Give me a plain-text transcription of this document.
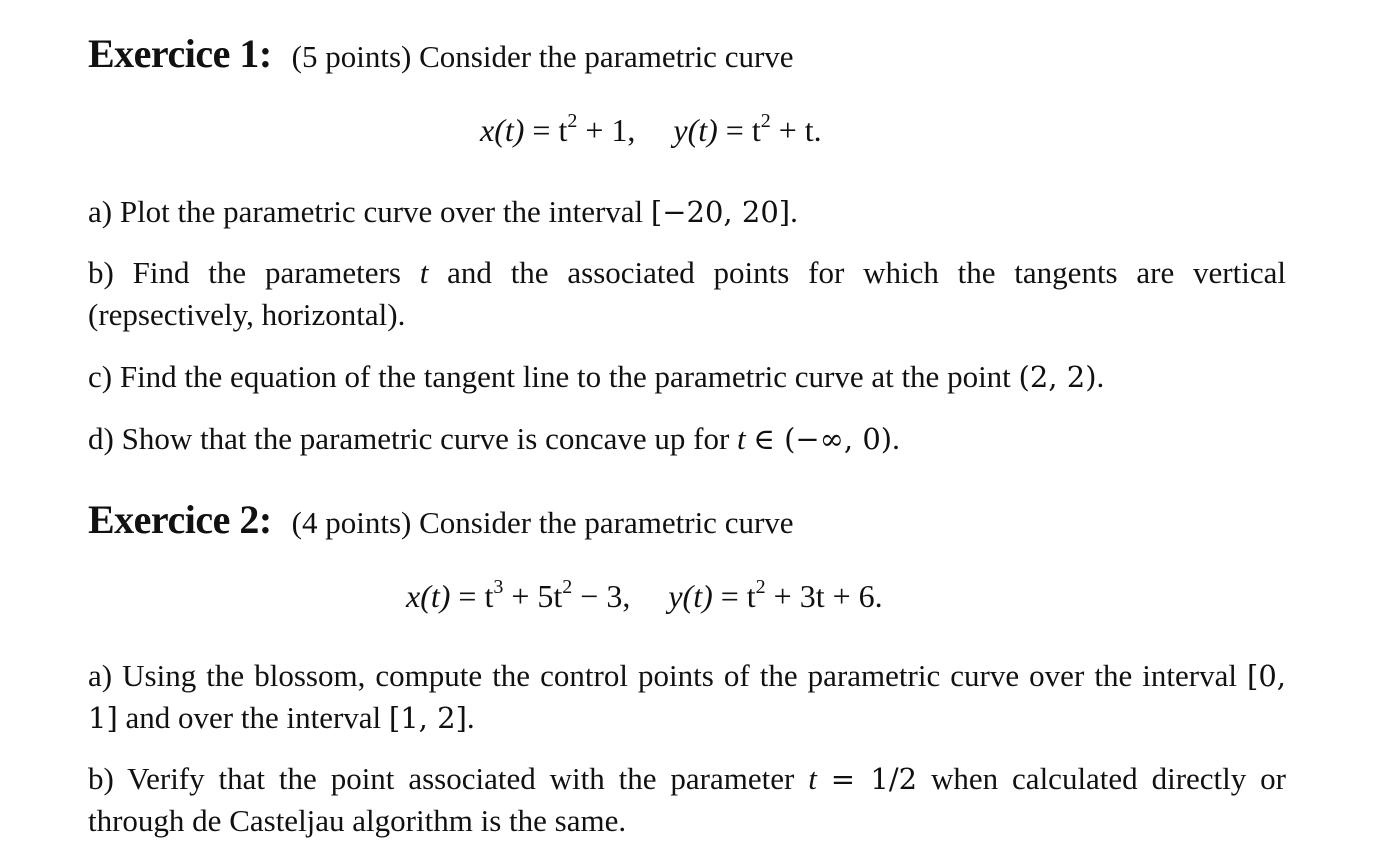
Exercice 1: (5 points) Consider the parametric curve
$x(t) = t^2 + 1$, $y(t) = t^2 + t$.
a) Plot the parametric curve over the interval [−20, 20].
b) Find the parameters t and the associated points for which the tangents are vertical (repsectively, horizontal).
c) Find the equation of the tangent line to the parametric curve at the point (2, 2).
d) Show that the parametric curve is concave up for t ∈ (−∞, 0).
Exercice 2: (4 points) Consider the parametric curve
$x(t) = t^3 + 5t^2 - 3$, $y(t) = t^2 + 3t + 6$.
a) Using the blossom, compute the control points of the parametric curve over the interval [0, 1] and over the interval [1, 2].
b) Verify that the point associated with the parameter t = 1/2 when calculated directly or through de Casteljau algorithm is the same.
